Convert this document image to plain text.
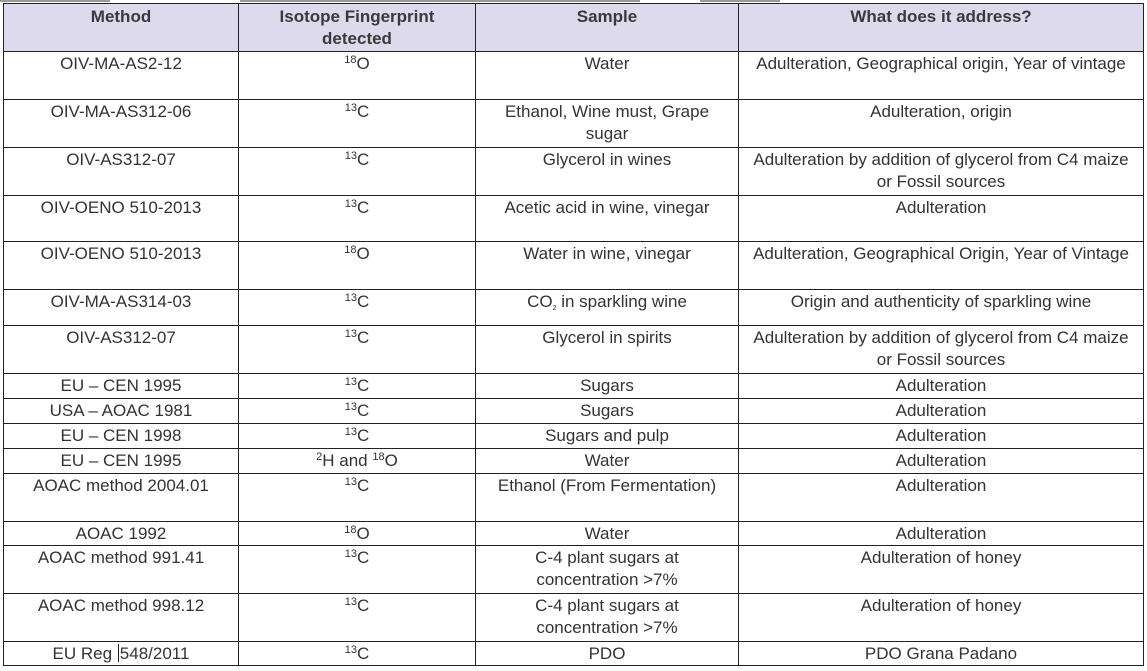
Method	Isotope Fingerprint detected	Sample	What does it address?
OIV-MA-AS2-12	$^{18}$O	Water	Adulteration, Geographical origin, Year of vintage
OIV-MA-AS312-06	$^{13}$C	Ethanol, Wine must, Grape sugar	Adulteration, origin
OIV-AS312-07	$^{13}$C	Glycerol in wines	Adulteration by addition of glycerol from C4 maize or Fossil sources
OIV-OENO 510-2013	$^{13}$C	Acetic acid in wine, vinegar	Adulteration
OIV-OENO 510-2013	$^{18}$O	Water in wine, vinegar	Adulteration, Geographical Origin, Year of Vintage
OIV-MA-AS314-03	$^{13}$C	$CO_2$ in sparkling wine	Origin and authenticity of sparkling wine
OIV-AS312-07	$^{13}$C	Glycerol in spirits	Adulteration by addition of glycerol from C4 maize or Fossil sources
EU – CEN 1995	$^{13}$C	Sugars	Adulteration
USA – AOAC 1981	$^{13}$C	Sugars	Adulteration
EU – CEN 1998	$^{13}$C	Sugars and pulp	Adulteration
EU – CEN 1995	$^2$H and $^{18}$O	Water	Adulteration
AOAC method 2004.01	$^{13}$C	Ethanol (From Fermentation)	Adulteration
AOAC 1992	$^{18}$O	Water	Adulteration
AOAC method 991.41	$^{13}$C	C-4 plant sugars at concentration >7%	Adulteration of honey
AOAC method 998.12	$^{13}$C	C-4 plant sugars at concentration >7%	Adulteration of honey
EU Reg 548/2011	$^{13}$C	PDO	PDO Grana Padano
